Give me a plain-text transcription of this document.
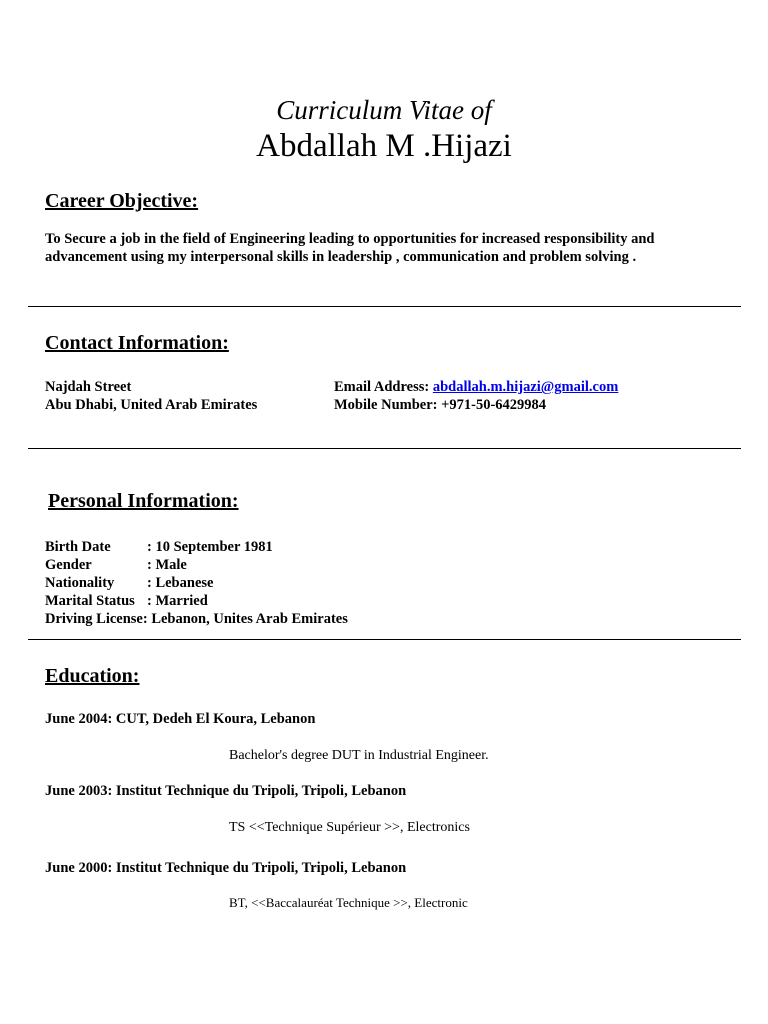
Curriculum Vitae of
Abdallah M .Hijazi
Career Objective:
To Secure a job in the field of Engineering leading to opportunities for increased responsibility and advancement using my interpersonal skills in leadership , communication and problem solving .
Contact Information:
Najdah Street
Abu Dhabi, United Arab Emirates
Email Address: abdallah.m.hijazi@gmail.com
Mobile Number: +971-50-6429984
Personal Information:
Birth Date	: 10 September 1981
Gender	: Male
Nationality : Lebanese
Marital Status : Married
Driving License: Lebanon, Unites Arab Emirates
Education:
June 2004: CUT, Dedeh El Koura, Lebanon
Bachelor's degree DUT in Industrial Engineer.
June 2003: Institut Technique du Tripoli, Tripoli, Lebanon
TS <<Technique Supérieur >>, Electronics
June 2000: Institut Technique du Tripoli, Tripoli, Lebanon
BT, <<Baccalauréat Technique >>, Electronic
